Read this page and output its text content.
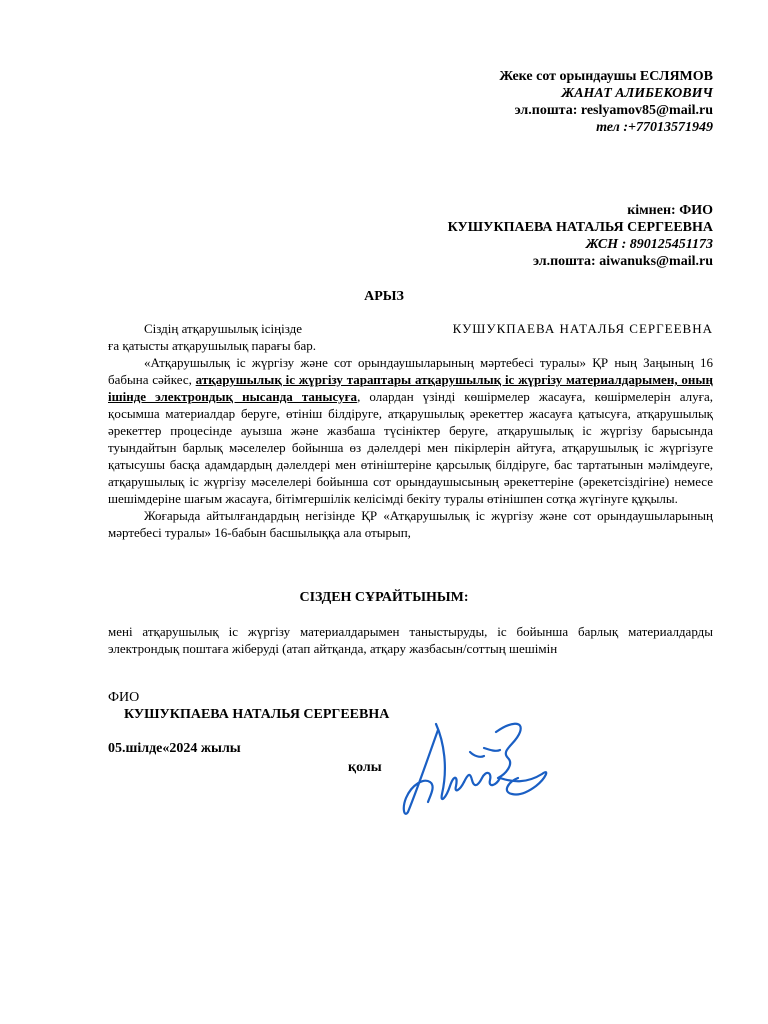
Жеке сот орындаушы ЕСЛЯМОВ
ЖАНАТ АЛИБЕКОВИЧ
эл.пошта: reslyamov85@mail.ru
тел :+77013571949
кімнен: ФИО
КУШУКПАЕВА НАТАЛЬЯ СЕРГЕЕВНА
ЖСН : 890125451173
эл.пошта: aiwanuks@mail.ru
АРЫЗ

Сіздің атқарушылық ісіңізде	КУШУКПАЕВА НАТАЛЬЯ СЕРГЕЕВНА

ға қатысты атқарушылық парағы бар.

«Атқарушылық іс жүргізу және сот орындаушыларының мәртебесі туралы» ҚР ның Заңының 16 бабына сәйкес, атқарушылық іс жүргізу тараптары атқарушылық іс жүргізу материалдарымен, оның ішінде электрондық нысанда танысуға, олардан үзінді көшірмелер жасауға, көшірмелерін алуға, қосымша материалдар беруге, өтініш білдіруге, атқарушылық әрекеттер жасауға қатысуға, атқарушылық әрекеттер процесінде ауызша және жазбаша түсініктер беруге, атқарушылық іс жүргізу барысында туындайтын барлық мәселелер бойынша өз дәлелдері мен пікірлерін айтуға, атқарушылық іс жүргізуге қатысушы басқа адамдардың дәлелдері мен өтініштеріне қарсылық білдіруге, бас тартатынын мәлімдеуге, атқарушылық іс жүргізу мәселелері бойынша сот орындаушысының әрекеттеріне (әрекетсіздігіне) немесе шешімдеріне шағым жасауға, бітімгершілік келісімді бекіту туралы өтінішпен сотқа жүгінуге құқылы.

Жоғарыда айтылғандардың негізінде ҚР «Атқарушылық іс жүргізу және сот орындаушыларының мәртебесі туралы» 16-бабын басшылыққа ала отырып,

СІЗДЕН СҰРАЙТЫНЫМ:
мені атқарушылық іс жүргізу материалдарымен таныстыруды, іс бойынша барлық материалдарды электрондық поштаға жіберуді (атап айтқанда, атқару жазбасын/соттың шешімін
ФИО
КУШУКПАЕВА НАТАЛЬЯ СЕРГЕЕВНА
05.шілде«2024 жылы
қолы
